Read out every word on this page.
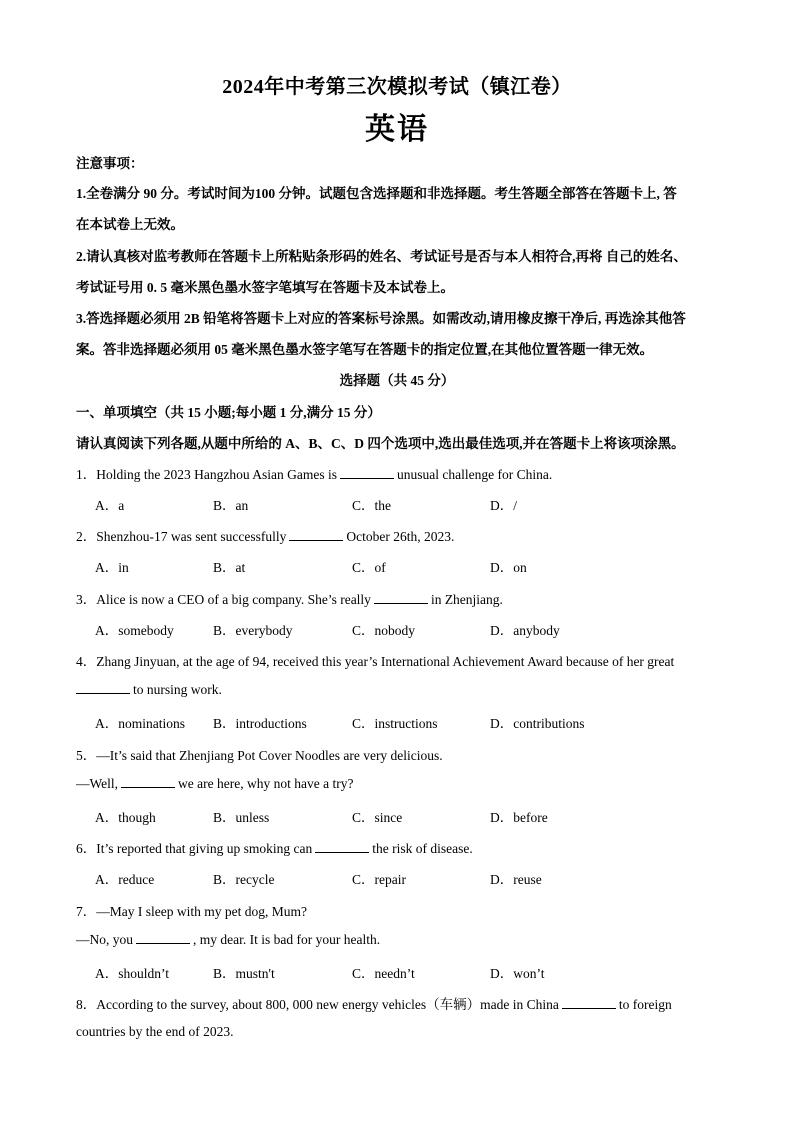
2024年中考第三次模拟考试（镇江卷）
英语
注意事项：
1.全卷满分 90 分。考试时间为100 分钟。试题包含选择题和非选择题。考生答题全部答在答题卡上, 答
在本试卷上无效。
2.请认真核对监考教师在答题卡上所粘贴条形码的姓名、考试证号是否与本人相符合,再将 自己的姓名、
考试证号用 0. 5 毫米黑色墨水签字笔填写在答题卡及本试卷上。
3.答选择题必须用 2B 铅笔将答题卡上对应的答案标号涂黑。如需改动,请用橡皮擦干净后, 再选涂其他答
案。答非选择题必须用 05 毫米黑色墨水签字笔写在答题卡的指定位置,在其他位置答题一律无效。
选择题（共 45 分）
一、单项填空（共 15 小题;每小题 1 分,满分 15 分）
请认真阅读下列各题,从题中所给的 A、B、C、D 四个选项中,选出最佳选项,并在答题卡上将该项涂黑。
1．Holding the 2023 Hangzhou Asian Games is	unusual challenge for China.
A．a	B．an	C．the	D．/
2．Shenzhou-17 was sent successfully	October 26th, 2023.
A．in	B．at	C．of	D．on
3．Alice is now a CEO of a big company. She’s really	in Zhenjiang.
A．somebody	B．everybody	C．nobody	D．anybody
4．Zhang Jinyuan, at the age of 94, received this year’s International Achievement Award because of her great
to nursing work.
A．nominations B．introductions	C．instructions	D．contributions
5．—It’s said that Zhenjiang Pot Cover Noodles are very delicious.
—Well,	we are here, why not have a try?
A．though	B．unless	C．since	D．before
6．It’s reported that giving up smoking can	the risk of disease.
A．reduce	B．recycle	C．repair	D．reuse
7．—May I sleep with my pet dog, Mum?
—No, you	, my dear. It is bad for your health.
A．shouldn’t	B．mustn't	C．needn’t	D．won’t
8．According to the survey, about 800, 000 new energy vehicles（车辆）made in China	to foreign
countries by the end of 2023.
